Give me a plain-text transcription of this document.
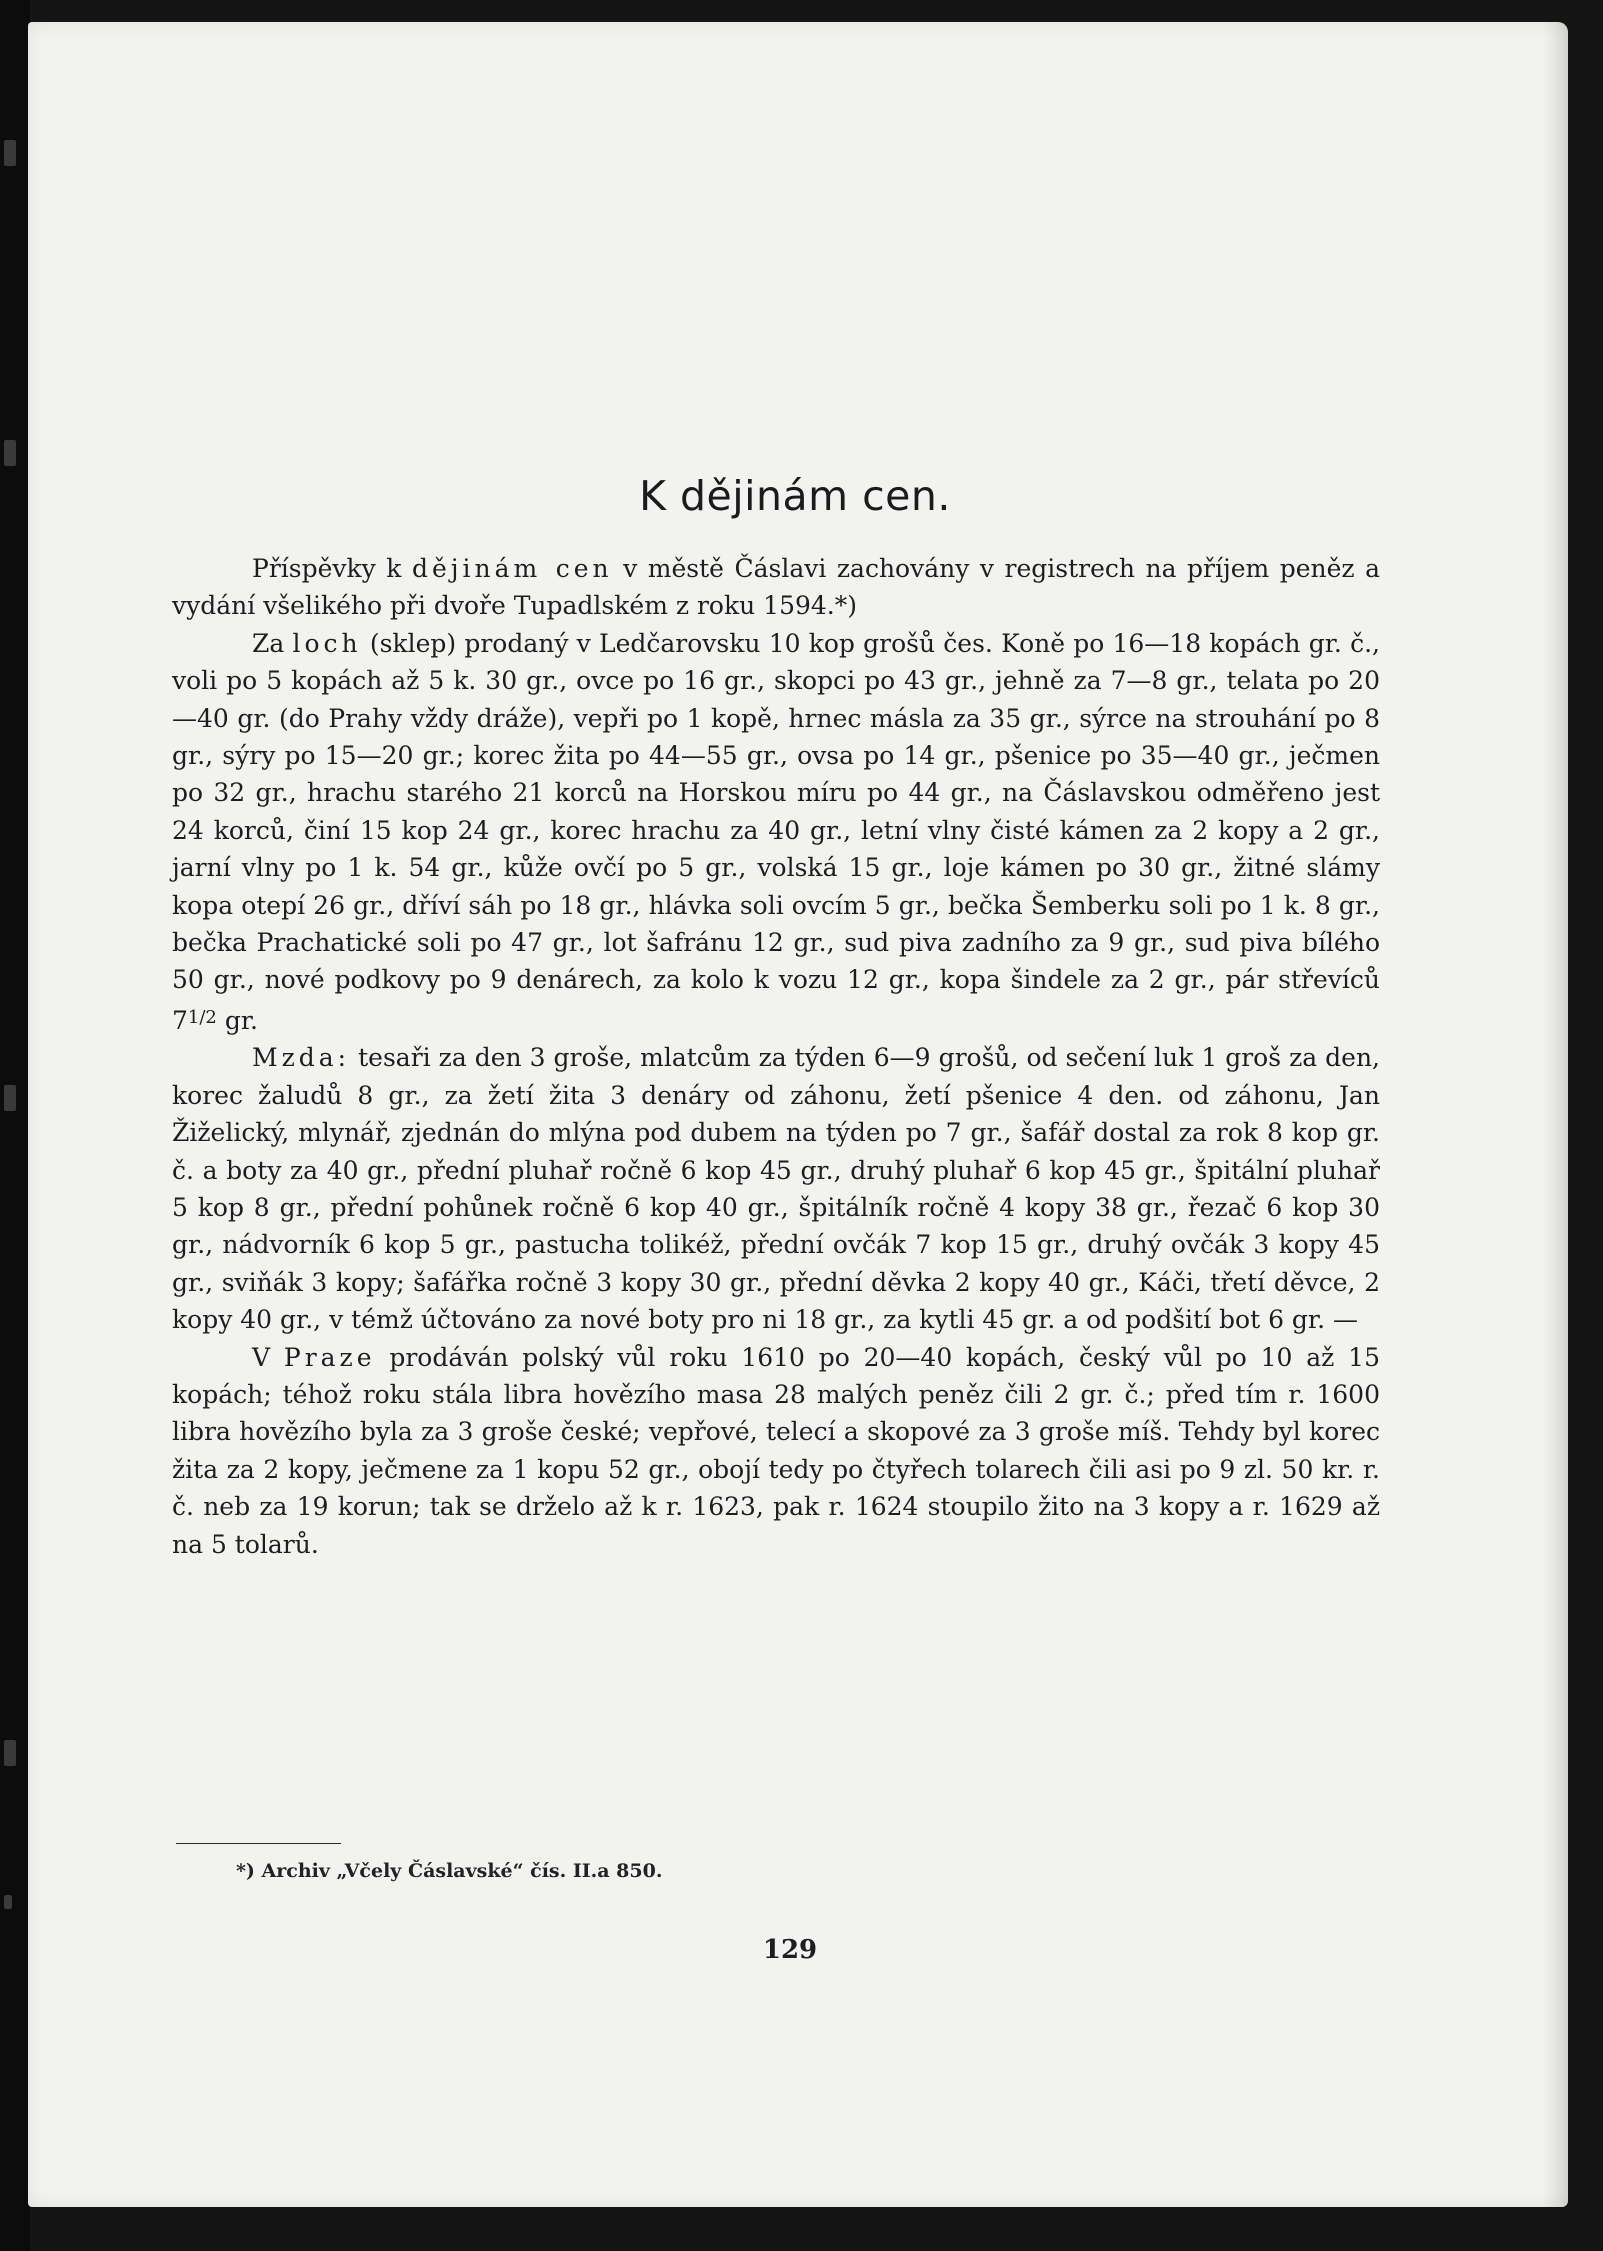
K dějinám cen.

Příspěvky k dějinám cen v městě Čáslavi zachovány v registrech na příjem peněz a vydání všelikého při dvoře Tupadlském z roku 1594.*)

Za loch (sklep) prodaný v Ledčarovsku 10 kop grošů čes. Koně po 16—18 kopách gr. č., voli po 5 kopách až 5 k. 30 gr., ovce po 16 gr., skopci po 43 gr., jehně za 7—8 gr., telata po 20—40 gr. (do Prahy vždy dráže), vepři po 1 kopě, hrnec másla za 35 gr., sýrce na strouhání po 8 gr., sýry po 15—20 gr.; korec žita po 44—55 gr., ovsa po 14 gr., pšenice po 35—40 gr., ječmen po 32 gr., hrachu starého 21 korců na Horskou míru po 44 gr., na Čáslavskou odměřeno jest 24 korců, činí 15 kop 24 gr., korec hrachu za 40 gr., letní vlny čisté kámen za 2 kopy a 2 gr., jarní vlny po 1 k. 54 gr., kůže ovčí po 5 gr., volská 15 gr., loje kámen po 30 gr., žitné slámy kopa otepí 26 gr., dříví sáh po 18 gr., hlávka soli ovcím 5 gr., bečka Šemberku soli po 1 k. 8 gr., bečka Prachatické soli po 47 gr., lot šafránu 12 gr., sud piva zadního za 9 gr., sud piva bílého 50 gr., nové podkovy po 9 denárech, za kolo k vozu 12 gr., kopa šindele za 2 gr., pár střevíců $7^{1/2}$ gr.

Mzda: tesaři za den 3 groše, mlatcům za týden 6—9 grošů, od sečení luk 1 groš za den, korec žaludů 8 gr., za žetí žita 3 denáry od záhonu, žetí pšenice 4 den. od záhonu, Jan Žiželický, mlynář, zjednán do mlýna pod dubem na týden po 7 gr., šafář dostal za rok 8 kop gr. č. a boty za 40 gr., přední pluhař ročně 6 kop 45 gr., druhý pluhař 6 kop 45 gr., špitální pluhař 5 kop 8 gr., přední pohůnek ročně 6 kop 40 gr., špitálník ročně 4 kopy 38 gr., řezač 6 kop 30 gr., nádvorník 6 kop 5 gr., pastucha tolikéž, přední ovčák 7 kop 15 gr., druhý ovčák 3 kopy 45 gr., sviňák 3 kopy; šafářka ročně 3 kopy 30 gr., přední děvka 2 kopy 40 gr., Káči, třetí děvce, 2 kopy 40 gr., v témž účtováno za nové boty pro ni 18 gr., za kytli 45 gr. a od podšití bot 6 gr. —

V Praze prodáván polský vůl roku 1610 po 20—40 kopách, český vůl po 10 až 15 kopách; téhož roku stála libra hovězího masa 28 malých peněz čili 2 gr. č.; před tím r. 1600 libra hovězího byla za 3 groše české; vepřové, telecí a skopové za 3 groše míš. Tehdy byl korec žita za 2 kopy, ječmene za 1 kopu 52 gr., obojí tedy po čtyřech tolarech čili asi po 9 zl. 50 kr. r. č. neb za 19 korun; tak se drželo až k r. 1623, pak r. 1624 stoupilo žito na 3 kopy a r. 1629 až na 5 tolarů.

*) Archiv „Včely Čáslavské“ čís. II.a 850.
129
